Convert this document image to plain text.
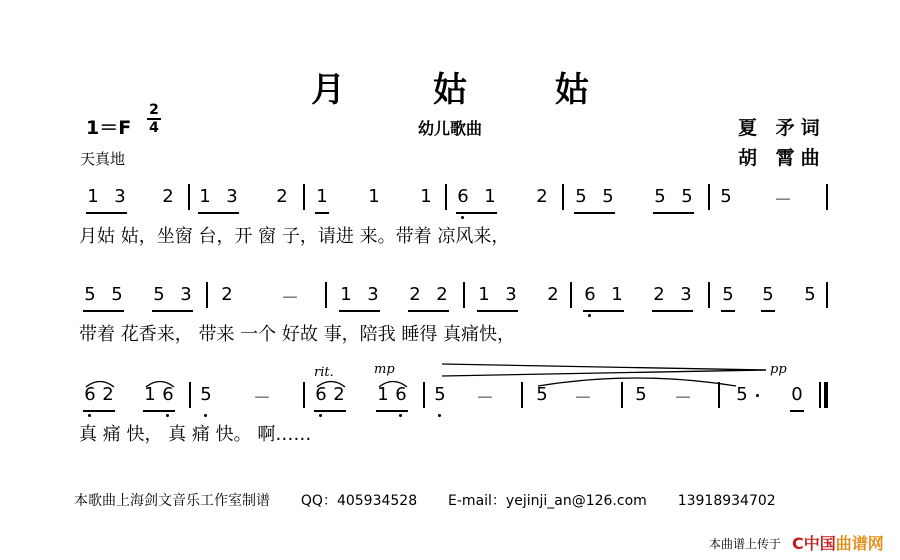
月 姑 姑
1＝F
2
4	幼儿歌曲	夏 矛词
胡 霄曲
天真地
1 3 2 1 3 2 1 1 1 6 1 2 5 5 5 5 5 －
月姑 姑，坐窗 台，开 窗 子，请进 来。带着 凉风来，
5 5 5 3 2	－ 1 3 2 2 1 3 2 6 1 2 3 5 5 5
带着 花香来， 带来 一个 好故 事，陪我 睡得 真痛快，
rit.	mp	pp
6 2 1 6 5 － 6 2 1 6 5 － 5 － 5 － 5 0
真 痛 快， 真 痛 快。 啊……
本歌曲上海剑文音乐工作室制谱 QQ：405934528 E-mail：yejinji_an@126.com 13918934702
本曲谱上传于 C中国曲谱网
